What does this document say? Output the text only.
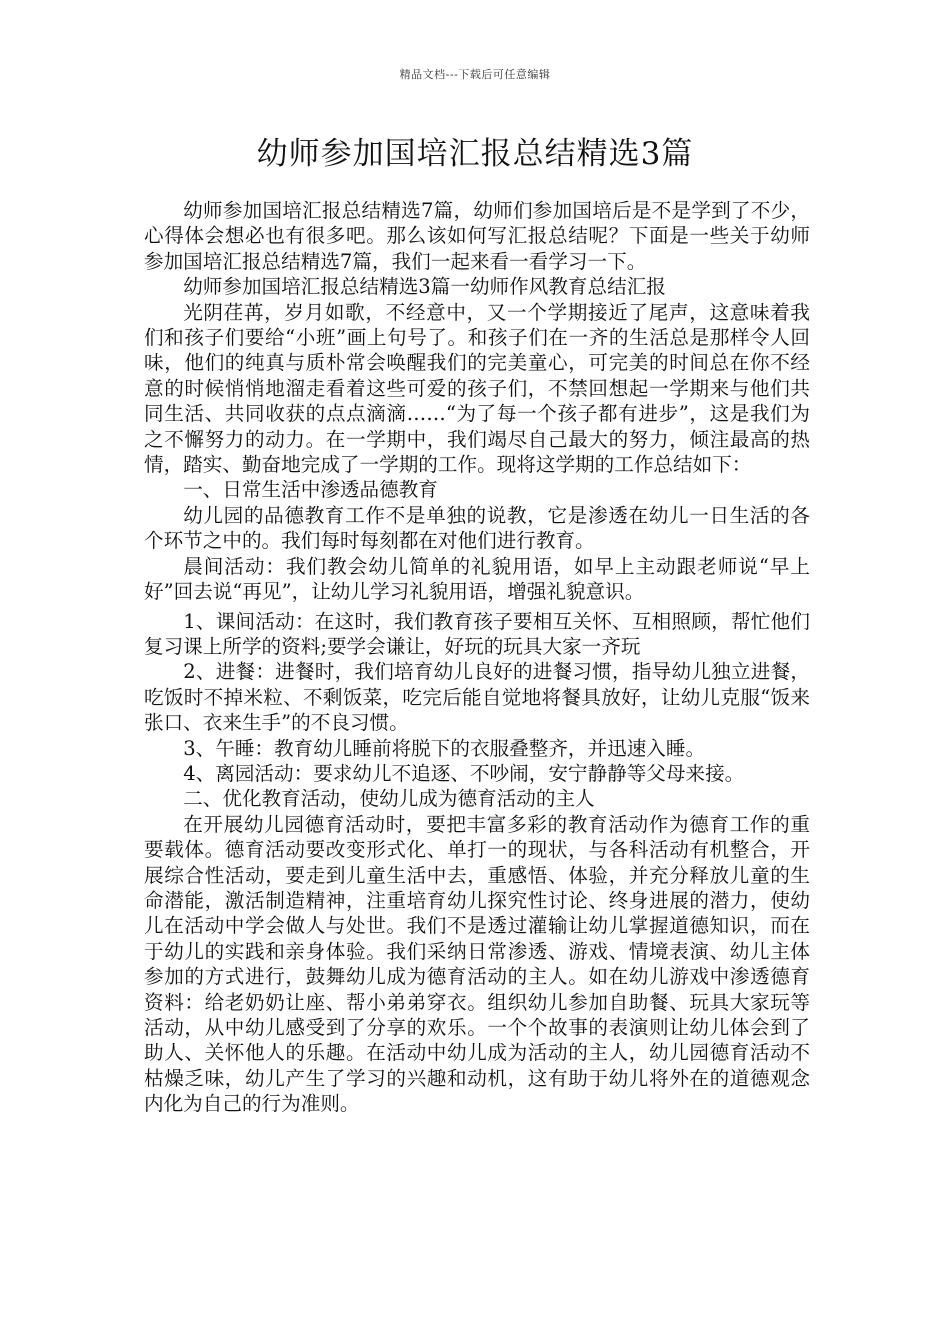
精品文档---下载后可任意编辑
幼师参加国培汇报总结精选3篇

幼师参加国培汇报总结精选7篇，幼师们参加国培后是不是学到了不少，心得体会想必也有很多吧。那么该如何写汇报总结呢？下面是一些关于幼师参加国培汇报总结精选7篇，我们一起来看一看学习一下。

幼师参加国培汇报总结精选3篇一幼师作风教育总结汇报

光阴荏苒，岁月如歌，不经意中，又一个学期接近了尾声，这意味着我们和孩子们要给“小班”画上句号了。和孩子们在一齐的生活总是那样令人回味，他们的纯真与质朴常会唤醒我们的完美童心，可完美的时间总在你不经意的时候悄悄地溜走看着这些可爱的孩子们，不禁回想起一学期来与他们共同生活、共同收获的点点滴滴……“为了每一个孩子都有进步”，这是我们为之不懈努力的动力。在一学期中，我们竭尽自己最大的努力，倾注最高的热情，踏实、勤奋地完成了一学期的工作。现将这学期的工作总结如下：

一、日常生活中渗透品德教育

幼儿园的品德教育工作不是单独的说教，它是渗透在幼儿一日生活的各个环节之中的。我们每时每刻都在对他们进行教育。

晨间活动：我们教会幼儿简单的礼貌用语，如早上主动跟老师说“早上好”回去说“再见”，让幼儿学习礼貌用语，增强礼貌意识。

1、课间活动：在这时，我们教育孩子要相互关怀、互相照顾，帮忙他们复习课上所学的资料;要学会谦让，好玩的玩具大家一齐玩

2、进餐：进餐时，我们培育幼儿良好的进餐习惯，指导幼儿独立进餐，吃饭时不掉米粒、不剩饭菜，吃完后能自觉地将餐具放好，让幼儿克服“饭来张口、衣来生手”的不良习惯。

3、午睡：教育幼儿睡前将脱下的衣服叠整齐，并迅速入睡。

4、离园活动：要求幼儿不追逐、不吵闹，安宁静静等父母来接。

二、优化教育活动，使幼儿成为德育活动的主人

在开展幼儿园德育活动时，要把丰富多彩的教育活动作为德育工作的重要载体。德育活动要改变形式化、单打一的现状，与各科活动有机整合，开展综合性活动，要走到儿童生活中去，重感悟、体验，并充分释放儿童的生命潜能，激活制造精神，注重培育幼儿探究性讨论、终身进展的潜力，使幼儿在活动中学会做人与处世。我们不是透过灌输让幼儿掌握道德知识，而在于幼儿的实践和亲身体验。我们采纳日常渗透、游戏、情境表演、幼儿主体参加的方式进行，鼓舞幼儿成为德育活动的主人。如在幼儿游戏中渗透德育资料：给老奶奶让座、帮小弟弟穿衣。组织幼儿参加自助餐、玩具大家玩等活动，从中幼儿感受到了分享的欢乐。一个个故事的表演则让幼儿体会到了助人、关怀他人的乐趣。在活动中幼儿成为活动的主人，幼儿园德育活动不枯燥乏味，幼儿产生了学习的兴趣和动机，这有助于幼儿将外在的道德观念内化为自己的行为准则。
